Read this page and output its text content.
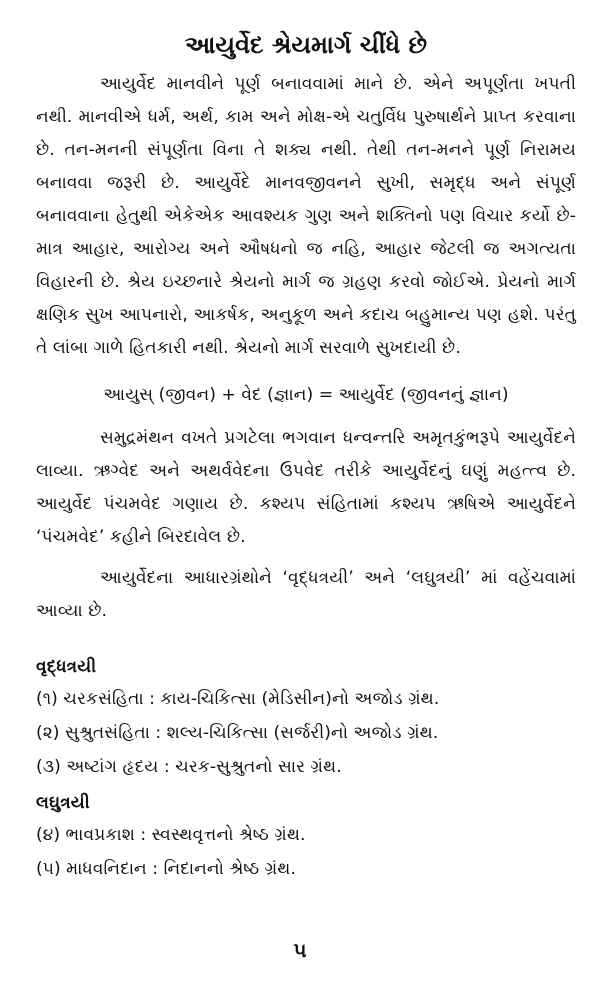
આયુર્વેદ શ્રેયમાર્ગ ચીંધે છે

આયુર્વેદ માનવીને પૂર્ણ બનાવવામાં માને છે. એને અપૂર્ણતા ખપતી નથી. માનવીએ ધર્મ, અર્થ, કામ અને મોક્ષ-એ ચતુર્વિધ પુરુષાર્થને પ્રાપ્ત કરવાના છે. તન-મનની સંપૂર્ણતા વિના તે શક્ય નથી. તેથી તન-મનને પૂર્ણ નિરામય બનાવવા જરૂરી છે. આયુર્વેદે માનવજીવનને સુખી, સમૃદ્ધ અને સંપૂર્ણ બનાવવાના હેતુથી એકેએક આવશ્યક ગુણ અને શક્તિનો પણ વિચાર કર્યો છે-માત્ર આહાર, આરોગ્ય અને ઔષધનો જ નહિ, આહાર જેટલી જ અગત્યતા વિહારની છે. શ્રેય ઇચ્છનારે શ્રેયનો માર્ગ જ ગ્રહણ કરવો જોઈએ. પ્રેયનો માર્ગ ક્ષણિક સુખ આપનારો, આકર્ષક, અનુકૂળ અને કદાચ બહુમાન્ય પણ હશે. પરંતુ તે લાંબા ગાળે હિતકારી નથી. શ્રેયનો માર્ગ સરવાળે સુખદાયી છે.

આયુસ્ (જીવન) + વેદ (જ્ઞાન) = આયુર્વેદ (જીવનનું જ્ઞાન)

સમુદ્રમંથન વખતે પ્રગટેલા ભગવાન ધન્વન્તરિ અમૃતકુંભરૂપે આયુર્વેદને લાવ્યા. ઋગ્વેદ અને અથર્વવેદના ઉપવેદ તરીકે આયુર્વેદનું ઘણું મહત્ત્વ છે. આયુર્વેદ પંચમવેદ ગણાય છે. કશ્યપ સંહિતામાં કશ્યપ ઋષિએ આયુર્વેદને ‘પંચમવેદ’ કહીને બિરદાવેલ છે.

આયુર્વેદના આધારગ્રંથોને ‘વૃદ્ધત્રયી’ અને ‘લઘુત્રયી’ માં વહેંચવામાં આવ્યા છે.

વૃદ્ધત્રયી

(૧) ચરકસંહિતા : કાય-ચિકિત્સા (મેડિસીન)નો અજોડ ગ્રંથ.

(૨) સુશ્રુતસંહિતા : શલ્ય-ચિકિત્સા (સર્જરી)નો અજોડ ગ્રંથ.

(૩) અષ્ટાંગ હૃદય : ચરક-સુશ્રુતનો સાર ગ્રંથ.

લઘુત્રયી

(૪) ભાવપ્રકાશ : સ્વસ્થવૃત્તનો શ્રેષ્ઠ ગ્રંથ.

(૫) માધવનિદાન : નિદાનનો શ્રેષ્ઠ ગ્રંથ.

૫
